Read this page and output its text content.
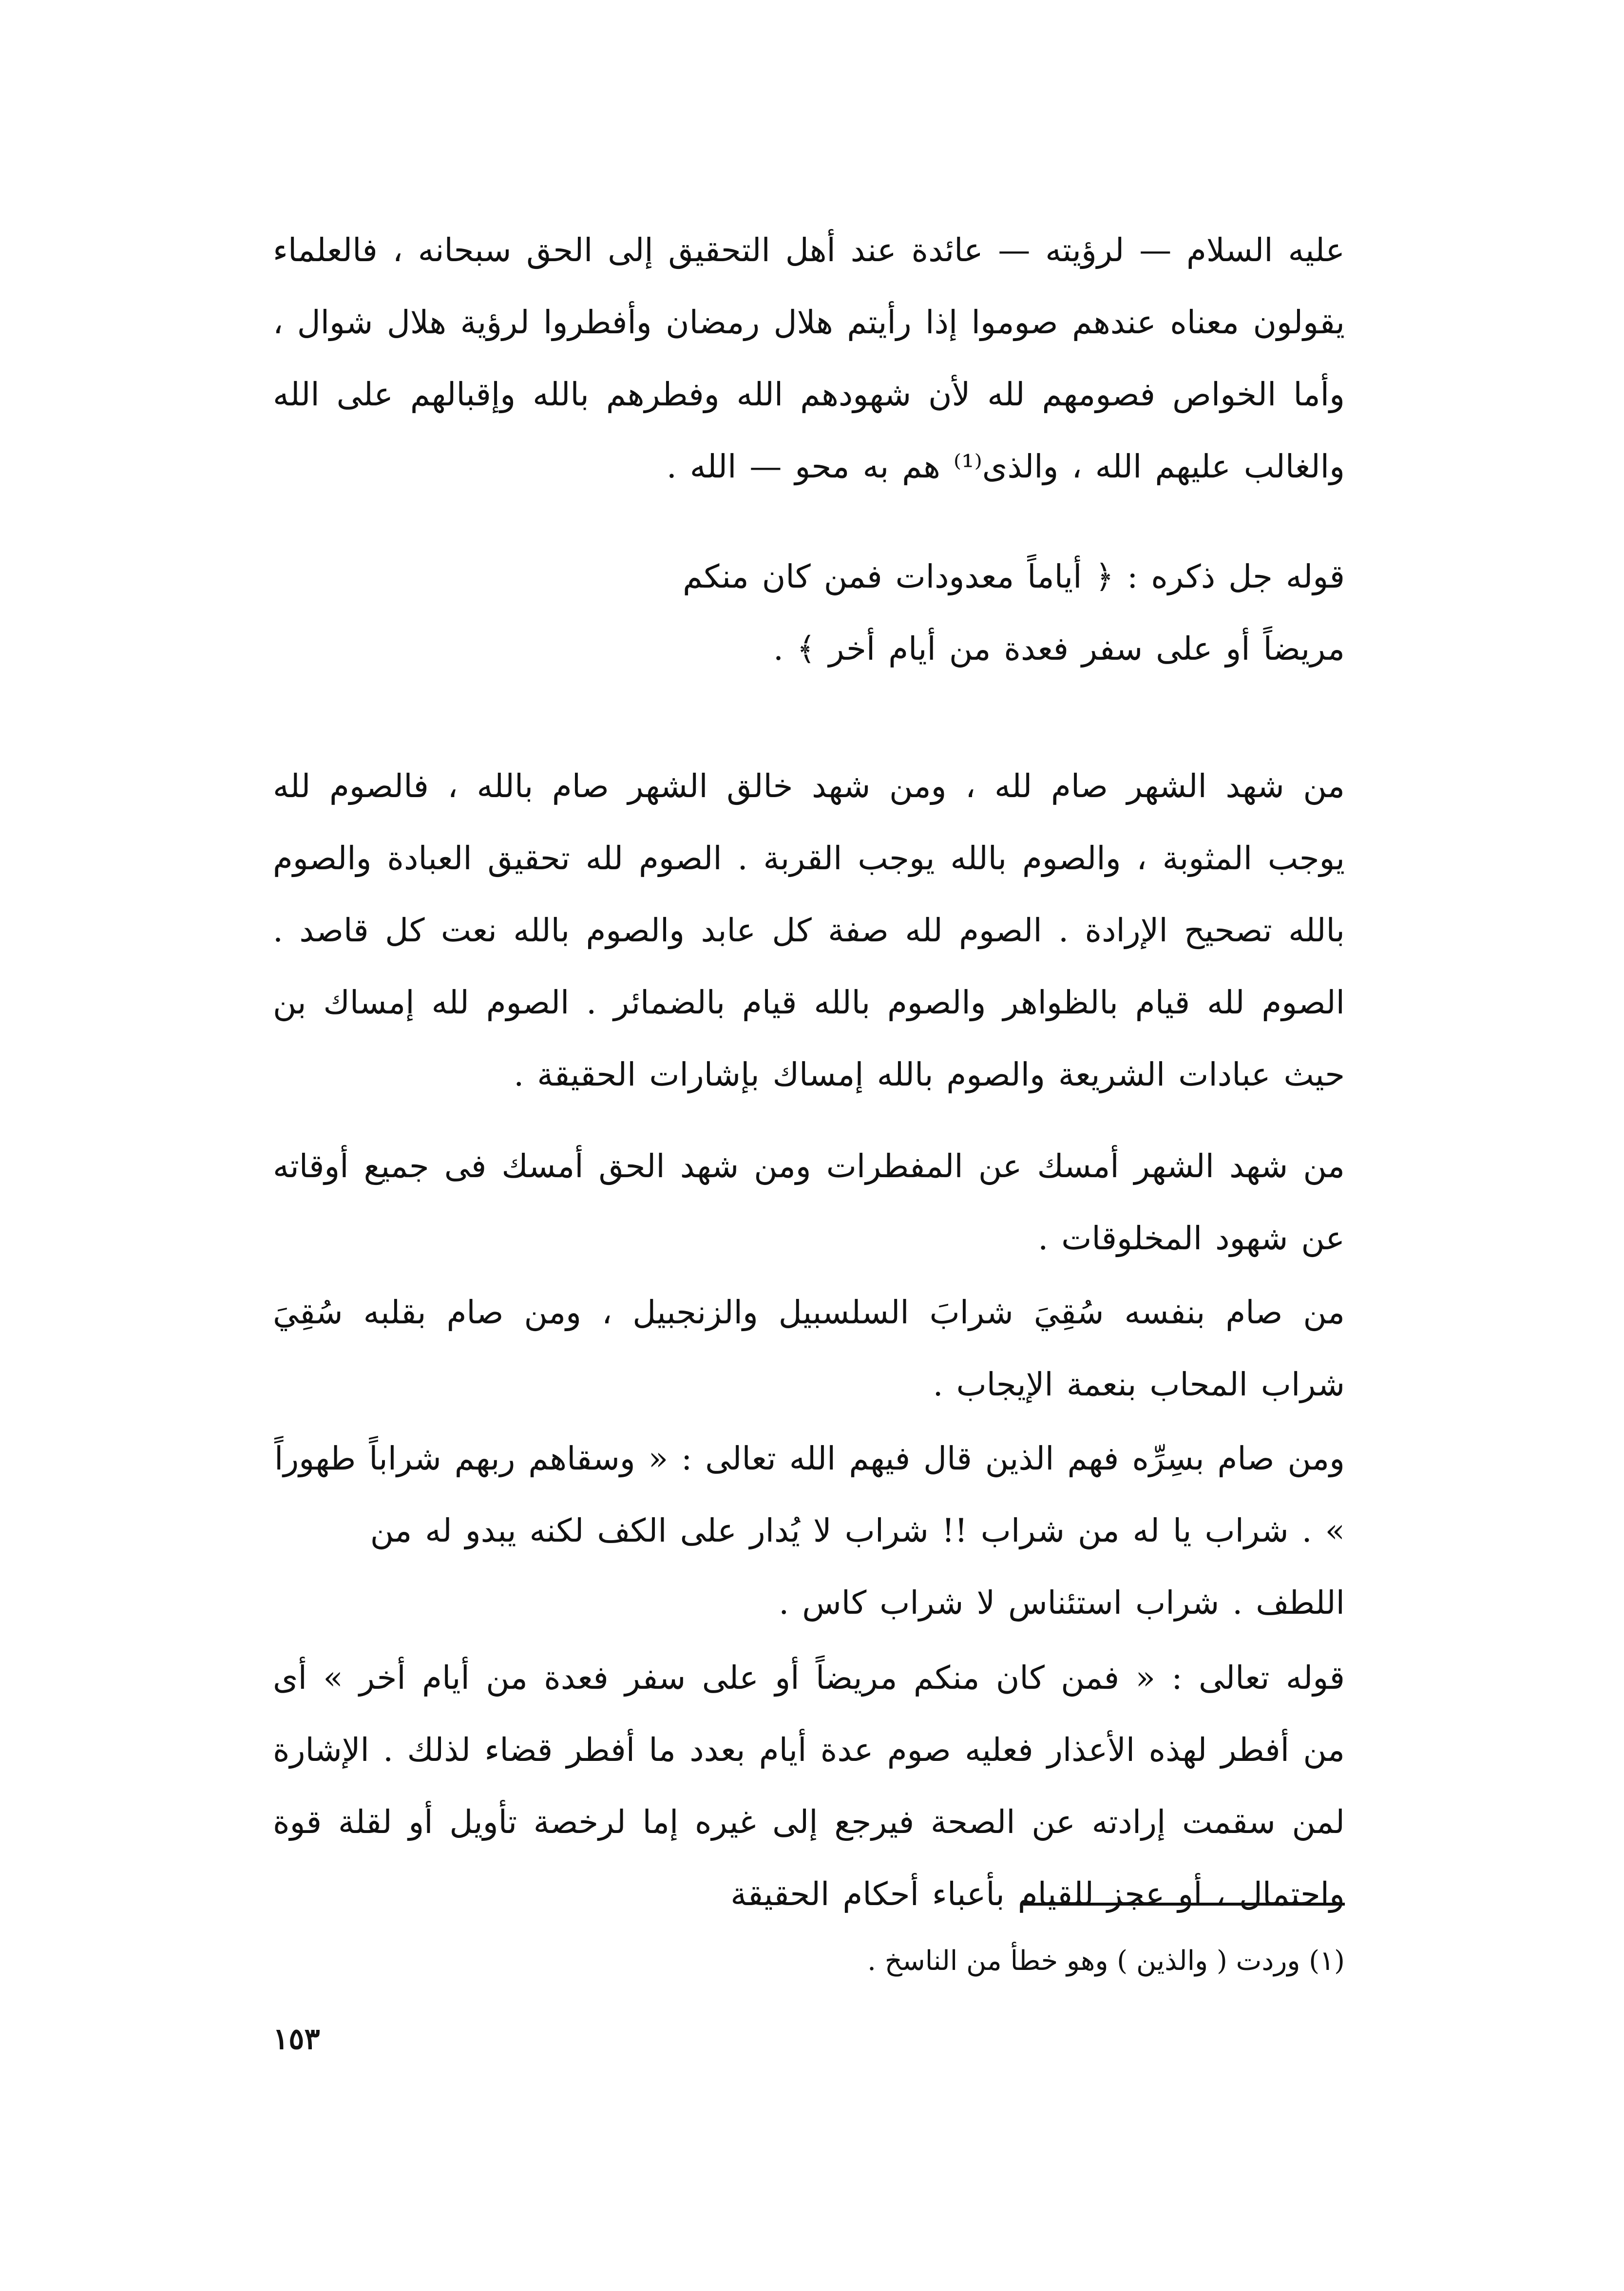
عليه السلام — لرؤيته — عائدة عند أهل التحقيق إلى الحق سبحانه ، فالعلماء يقولون معناه عندهم صوموا إذا رأيتم هلال رمضان وأفطروا لرؤية هلال شوال ، وأما الخواص فصومهم لله لأن شهودهم الله وفطرهم بالله وإقبالهم على الله والغالب عليهم الله ، والذى⁽¹⁾ هم به محو — الله .
قوله جل ذكره : ﴿ أياماً معدودات فمن كان منكم مريضاً أو على سفر فعدة من أيام أخر ﴾ .
من شهد الشهر صام لله ، ومن شهد خالق الشهر صام بالله ، فالصوم لله يوجب المثوبة ، والصوم بالله يوجب القربة . الصوم لله تحقيق العبادة والصوم بالله تصحيح الإرادة . الصوم لله صفة كل عابد والصوم بالله نعت كل قاصد . الصوم لله قيام بالظواهر والصوم بالله قيام بالضمائر . الصوم لله إمساك بن حيث عبادات الشريعة والصوم بالله إمساك بإشارات الحقيقة .
من شهد الشهر أمسك عن المفطرات ومن شهد الحق أمسك فى جميع أوقاته عن شهود المخلوقات .
من صام بنفسه سُقِيَ شرابَ السلسبيل والزنجبيل ، ومن صام بقلبه سُقِيَ شراب المحاب بنعمة الإيجاب .
ومن صام بسِرِّه فهم الذين قال فيهم الله تعالى : « وسقاهم ربهم شراباً طهوراً » . شراب يا له من شراب !! شراب لا يُدار على الكف لكنه يبدو له من اللطف . شراب استئناس لا شراب كاس .
قوله تعالى : « فمن كان منكم مريضاً أو على سفر فعدة من أيام أخر » أى من أفطر لهذه الأعذار فعليه صوم عدة أيام بعدد ما أفطر قضاء لذلك . الإشارة لمن سقمت إرادته عن الصحة فيرجع إلى غيره إما لرخصة تأويل أو لقلة قوة واحتمال ، أو عجز للقيام بأعباء أحكام الحقيقة
(١) وردت ( والذين ) وهو خطأ من الناسخ .
١٥٣
